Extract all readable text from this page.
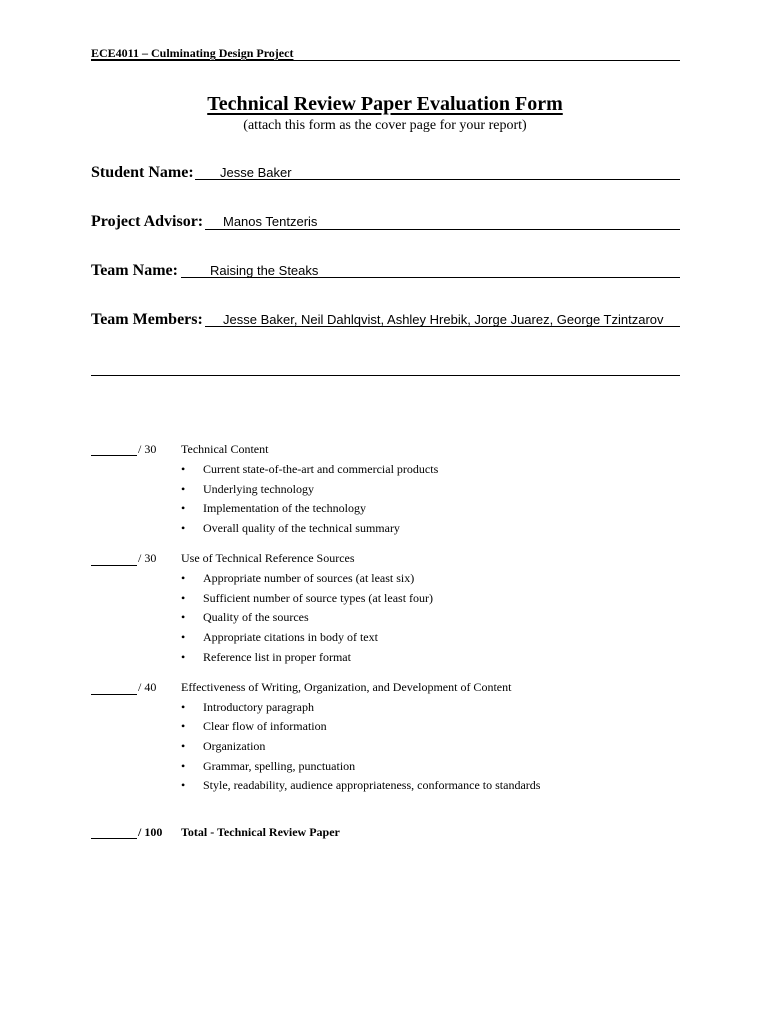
ECE4011 – Culminating Design Project
Technical Review Paper Evaluation Form
(attach this form as the cover page for your report)
Student Name: Jesse Baker
Project Advisor: Manos Tentzeris
Team Name: Raising the Steaks
Team Members: Jesse Baker, Neil Dahlqvist, Ashley Hrebik, Jorge Juarez, George Tzintzarov
/ 30 Technical Content
• Current state-of-the-art and commercial products
• Underlying technology
• Implementation of the technology
• Overall quality of the technical summary
/ 30 Use of Technical Reference Sources
• Appropriate number of sources (at least six)
• Sufficient number of source types (at least four)
• Quality of the sources
• Appropriate citations in body of text
• Reference list in proper format
/ 40 Effectiveness of Writing, Organization, and Development of Content
• Introductory paragraph
• Clear flow of information
• Organization
• Grammar, spelling, punctuation
• Style, readability, audience appropriateness, conformance to standards
/ 100 Total - Technical Review Paper
